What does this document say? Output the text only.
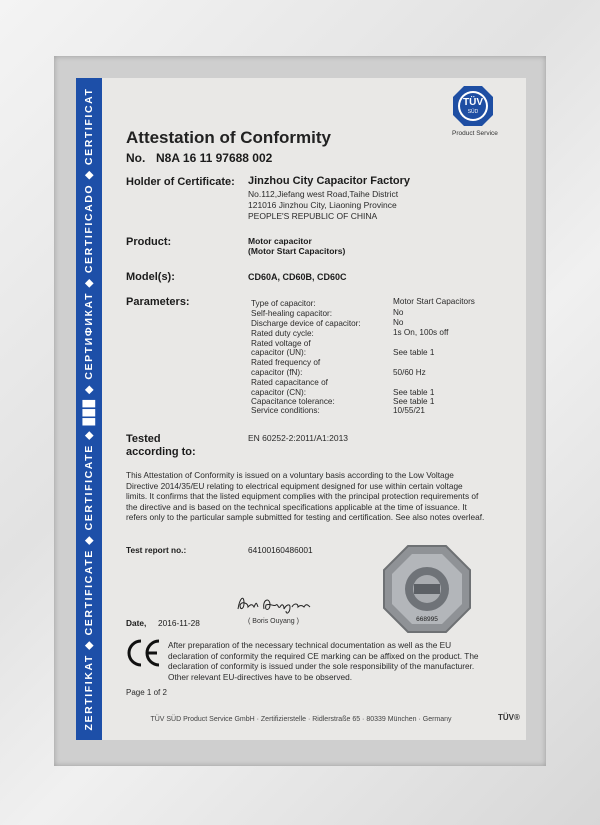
ZERTIFIKAT ◆ CERTIFICATE ◆ CERTIFICATE ◆ ███ ◆ СЕРТИФИКАТ ◆ CERTIFICADO ◆ CERTIFICAT	TÜV
SÜD
Product Service
Attestation of Conformity
No. N8A 16 11 97688 002
Holder of Certificate: Jinzhou City Capacitor Factory
No.112,Jiefang west Road,Taihe District
121016 Jinzhou City, Liaoning Province
PEOPLE'S REPUBLIC OF CHINA
Product:	Motor capacitor
(Motor Start Capacitors)
Model(s):	CD60A, CD60B, CD60C
Parameters:	Type of capacitor:	Motor Start Capacitors
Self-healing capacitor:	No
Discharge device of capacitor:	No
Rated duty cycle:	1s On, 100s off
Rated voltage of
capacitor (UN):	See table 1
Rated frequency of
capacitor (fN):	50/60 Hz
Rated capacitance of
capacitor (CN):	See table 1
Capacitance tolerance:	See table 1
Service conditions:	10/55/21
Tested
according to:
EN 60252-2:2011/A1:2013
This Attestation of Conformity is issued on a voluntary basis according to the Low Voltage Directive 2014/35/EU relating to electrical equipment designed for use within certain voltage limits. It confirms that the listed equipment complies with the principal protection requirements of the directive and is based on the technical specifications applicable at the time of issuance. It refers only to the particular sample submitted for testing and certification. See also notes overleaf.
Test report no.:	64100160486001
668995
Date, 2016-11-28	( Boris Ouyang )
After preparation of the necessary technical documentation as well as the EU declaration of conformity the required CE marking can be affixed on the product. The declaration of conformity is issued under the sole responsibility of the manufacturer. Other relevant EU-directives have to be observed.
Page 1 of 2
TÜV SÜD Product Service GmbH · Zertifizierstelle · Ridlerstraße 65 · 80339 München · Germany	TÜV®
